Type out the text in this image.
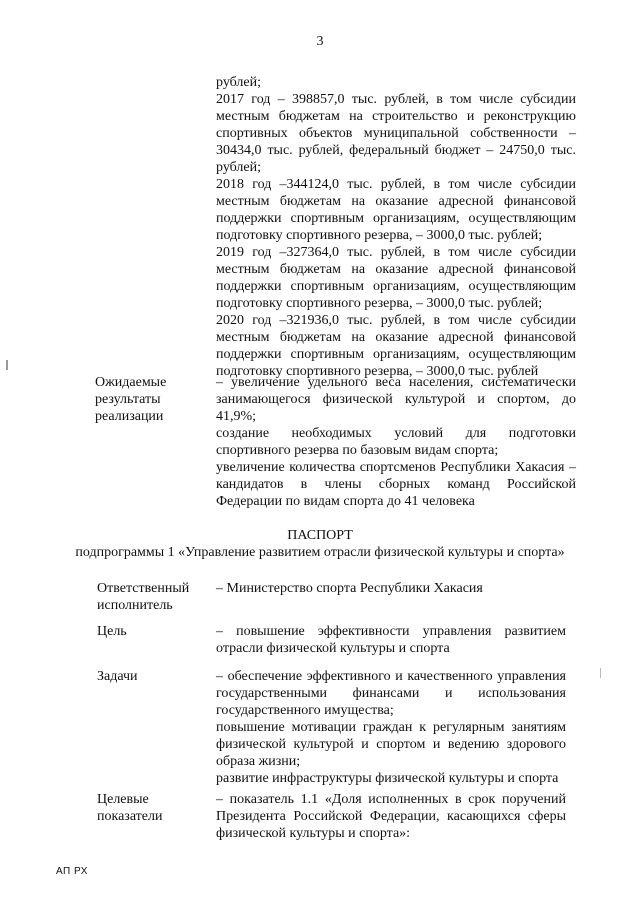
3
рублей;
2017 год – 398857,0 тыс. рублей, в том числе субсидии
местным бюджетам на строительство и реконструкцию
спортивных объектов муниципальной собственности –
30434,0 тыс. рублей, федеральный бюджет – 24750,0 тыс.
рублей;
2018 год –344124,0 тыс. рублей, в том числе субсидии
местным бюджетам на оказание адресной финансовой
поддержки спортивным организациям, осуществляющим
подготовку спортивного резерва, – 3000,0 тыс. рублей;
2019 год –327364,0 тыс. рублей, в том числе субсидии
местным бюджетам на оказание адресной финансовой
поддержки спортивным организациям, осуществляющим
подготовку спортивного резерва, – 3000,0 тыс. рублей;
2020 год –321936,0 тыс. рублей, в том числе субсидии
местным бюджетам на оказание адресной финансовой
поддержки спортивным организациям, осуществляющим
подготовку спортивного резерва, – 3000,0 тыс. рублей
Ожидаемые
результаты
реализации
– увеличение удельного веса населения, систематически
занимающегося физической культурой и спортом, до
41,9%;
создание необходимых условий для подготовки
спортивного резерва по базовым видам спорта;
увеличение количества спортсменов Республики Хакасия –
кандидатов в члены сборных команд Российской
Федерации по видам спорта до 41 человека
ПАСПОРТ
подпрограммы 1 «Управление развитием отрасли физической культуры и спорта»
Ответственный
исполнитель
– Министерство спорта Республики Хакасия
Цель	– повышение эффективности управления развитием
отрасли физической культуры и спорта
Задачи	– обеспечение эффективного и качественного управления
государственными финансами и использования
государственного имущества;
повышение мотивации граждан к регулярным занятиям
физической культурой и спортом и ведению здорового
образа жизни;
развитие инфраструктуры физической культуры и спорта
Целевые
показатели
– показатель 1.1 «Доля исполненных в срок поручений
Президента Российской Федерации, касающихся сферы
физической культуры и спорта»:
АП РХ
